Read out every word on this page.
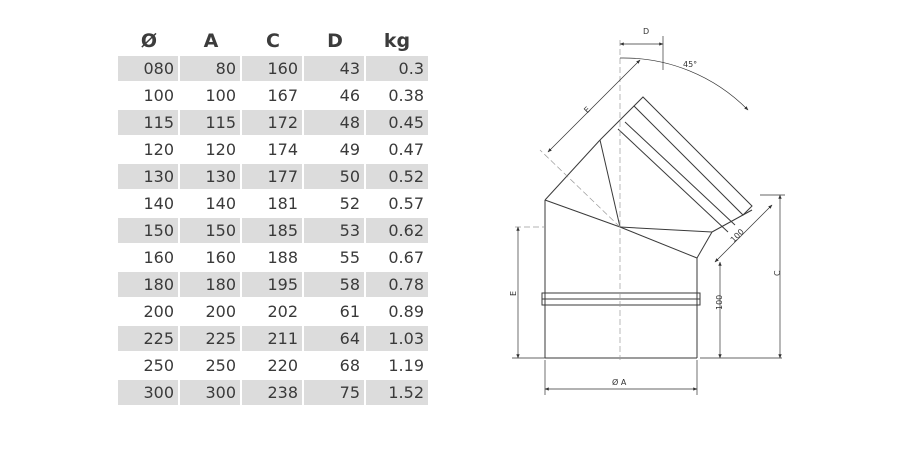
Ø	A	C	D	kg
080	80	160	43	0.3
100	100	167	46	0.38
115	115	172	48	0.45
120	120	174	49	0.47
130	130	177	50	0.52
140	140	181	52	0.57
150	150	185	53	0.62
160	160	188	55	0.67
180	180	195	58	0.78
200	200	202	61	0.89
225	225	211	64	1.03
250	250	220	68	1.19
300	300	238	75	1.52
D
45°
E
E
100
100
C
Ø A
